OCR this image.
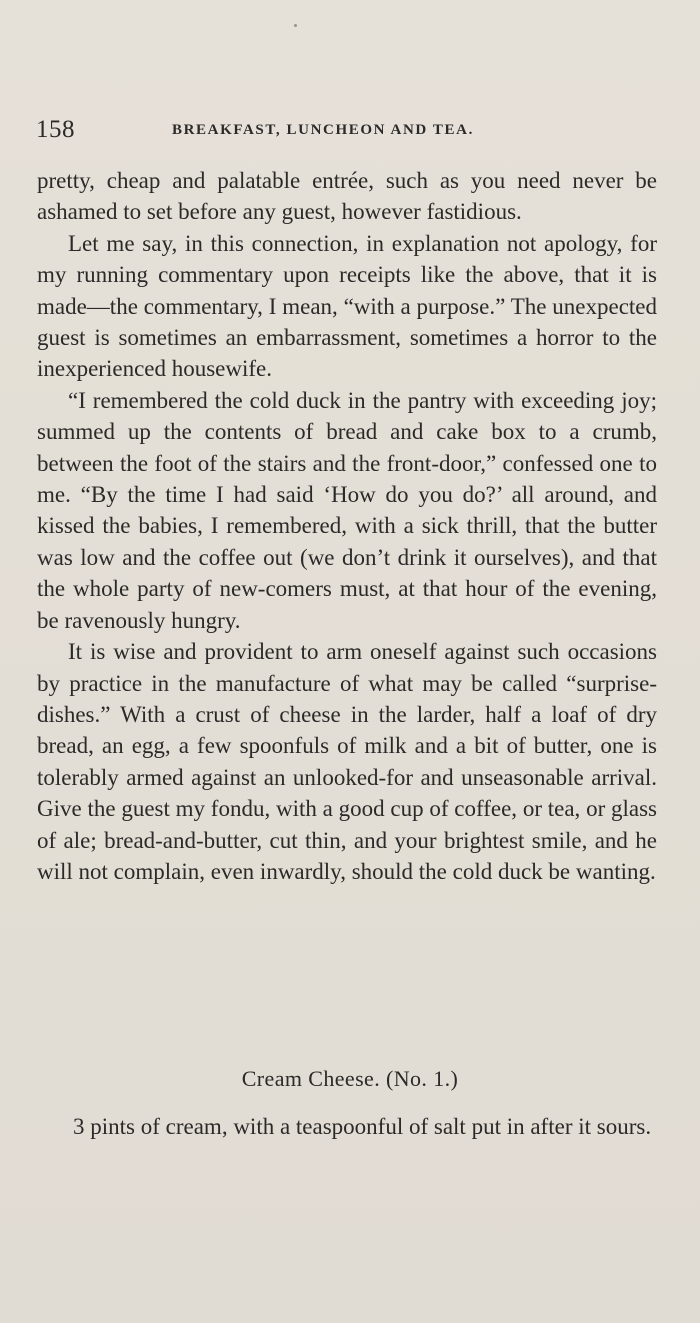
158	BREAKFAST, LUNCHEON AND TEA.

pretty, cheap and palatable entrée, such as you need never be ashamed to set before any guest, however fastidious.

Let me say, in this connection, in explanation not apology, for my running commentary upon receipts like the above, that it is made—the commentary, I mean, “with a purpose.” The unexpected guest is sometimes an embarrassment, sometimes a horror to the inexperienced housewife.

“I remembered the cold duck in the pantry with exceeding joy; summed up the contents of bread and cake box to a crumb, between the foot of the stairs and the front-door,” confessed one to me. “By the time I had said ‘How do you do?’ all around, and kissed the babies, I remembered, with a sick thrill, that the butter was low and the coffee out (we don’t drink it ourselves), and that the whole party of new-comers must, at that hour of the evening, be ravenously hungry.

It is wise and provident to arm oneself against such occasions by practice in the manufacture of what may be called “surprise-dishes.” With a crust of cheese in the larder, half a loaf of dry bread, an egg, a few spoonfuls of milk and a bit of butter, one is tolerably armed against an unlooked-for and unseasonable arrival. Give the guest my fondu, with a good cup of coffee, or tea, or glass of ale; bread-and-butter, cut thin, and your brightest smile, and he will not complain, even inwardly, should the cold duck be wanting.

Cream Cheese. (No. 1.)

3 pints of cream, with a teaspoonful of salt put in after it sours.
